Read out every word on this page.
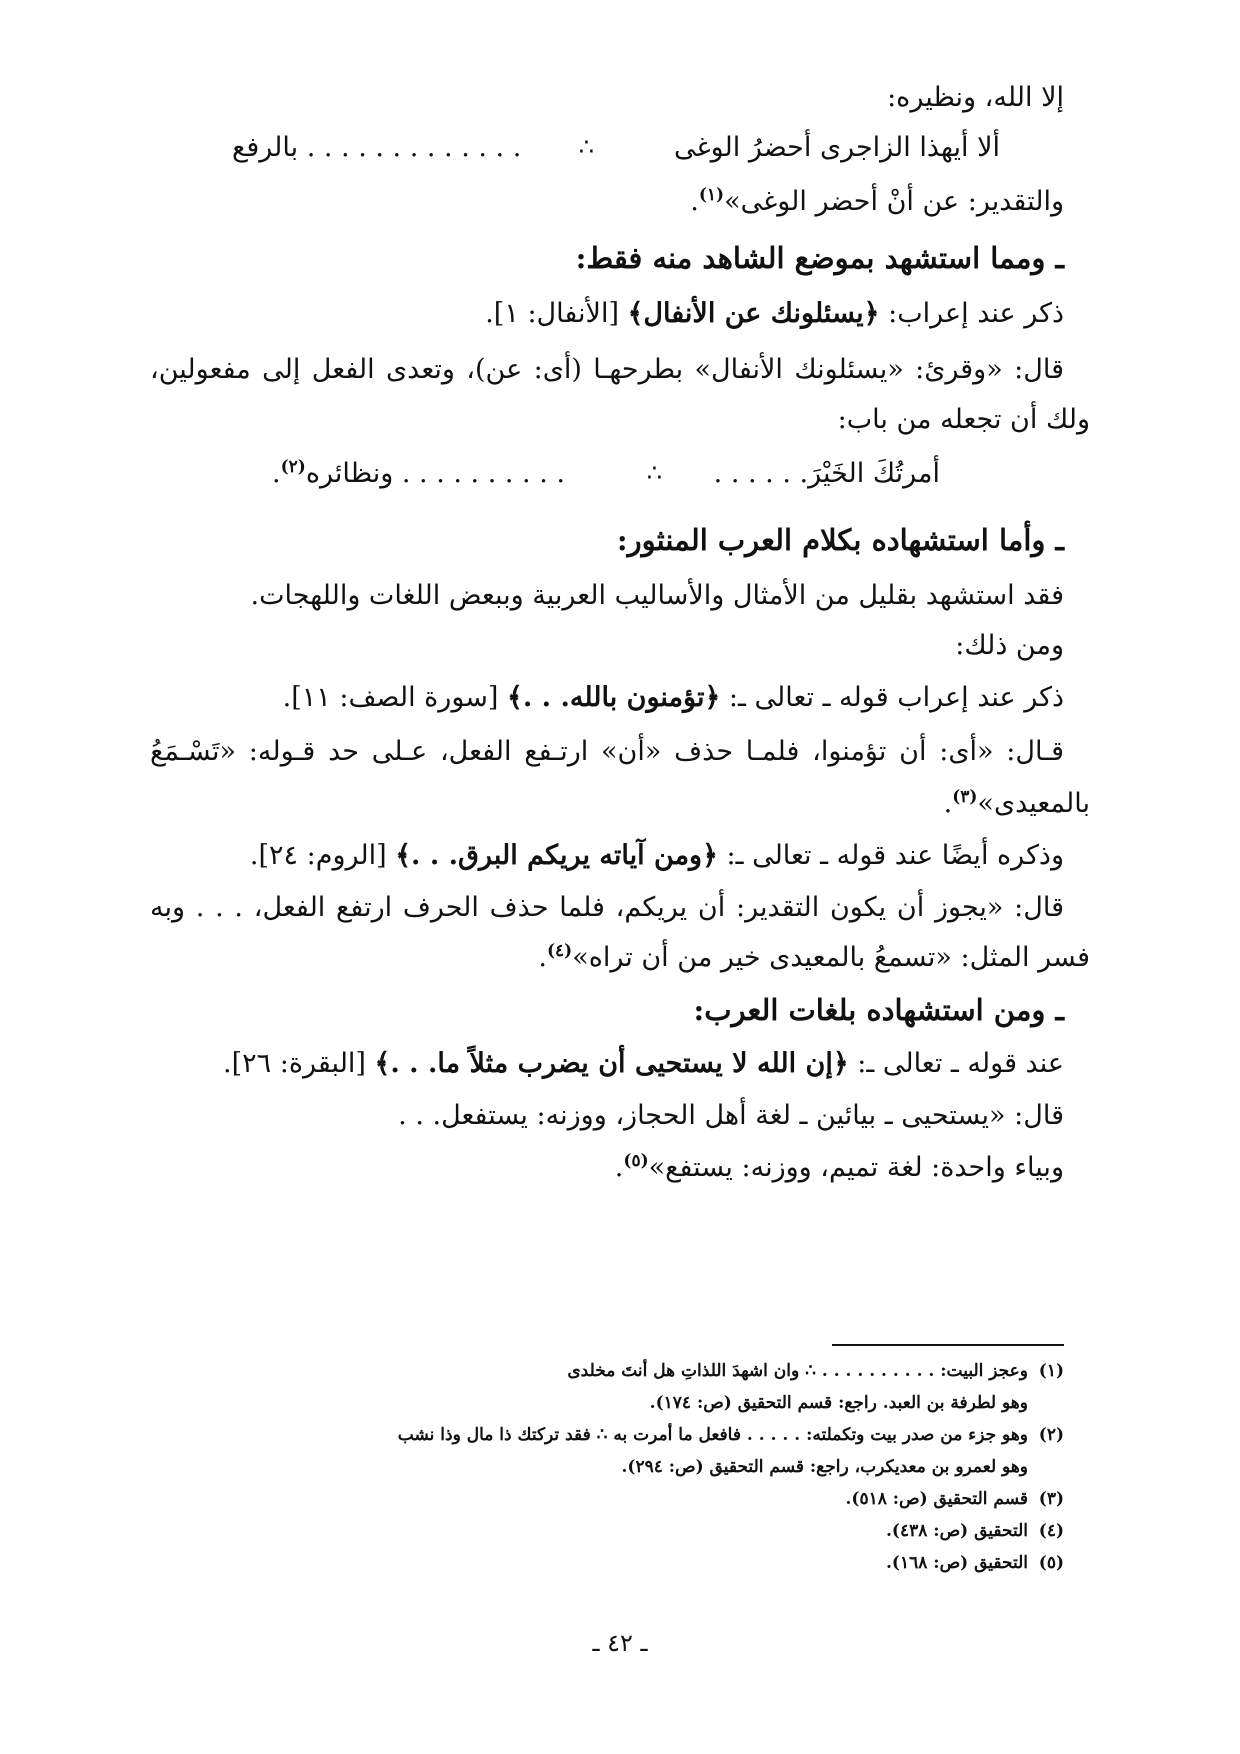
إلا الله، ونظيره:
ألا أيهذا الزاجرى أحضرُ الوغى
∴
. . . . . . . . . . . . . بالرفع
والتقدير: عن أنْ أحضر الوغى»$^{(١)}$.
ـ ومما استشهد بموضع الشاهد منه فقط:
ذكر عند إعراب: ﴿يسئلونك عن الأنفال﴾ [الأنفال: ١].
قال: «وقرئ: «يسئلونك الأنفال» بطرحهـا (أى: عن)، وتعدى الفعل إلى مفعولين،
ولك أن تجعله من باب:
أمرتُكَ الخَيْرَ. . . . . .
∴
. . . . . . . . . . ونظائره$^{(٢)}$.
ـ وأما استشهاده بكلام العرب المنثور:
فقد استشهد بقليل من الأمثال والأساليب العربية وببعض اللغات واللهجات.
ومن ذلك:
ذكر عند إعراب قوله ـ تعالى ـ: ﴿تؤمنون بالله. . .﴾ [سورة الصف: ١١].
قـال: «أى: أن تؤمنوا، فلمـا حذف «أن» ارتـفع الفعل، عـلى حد قـوله: «تَسْـمَعُ
بالمعيدى»$^{(٣)}$.
وذكره أيضًا عند قوله ـ تعالى ـ: ﴿ومن آياته يريكم البرق. . .﴾ [الروم: ٢٤].
قال: «يجوز أن يكون التقدير: أن يريكم، فلما حذف الحرف ارتفع الفعل، . . . وبه
فسر المثل: «تسمعُ بالمعيدى خير من أن تراه»$^{(٤)}$.
ـ ومن استشهاده بلغات العرب:
عند قوله ـ تعالى ـ: ﴿إن الله لا يستحيى أن يضرب مثلاً ما. . .﴾ [البقرة: ٢٦].
قال: «يستحيى ـ بيائين ـ لغة أهل الحجاز، ووزنه: يستفعل. . .
وبياء واحدة: لغة تميم، ووزنه: يستفع»$^{(٥)}$.
(١)وعجز البيت: . . . . . . . . . . ∴ وان اشهدَ اللذاتِ هل أنتَ مخلدى
وهو لطرفة بن العبد. راجع: قسم التحقيق (ص: ١٧٤).
(٢)وهو جزء من صدر بيت وتكملته: . . . . . فافعل ما أمرت به ∴ فقد تركتك ذا مال وذا نشب
وهو لعمرو بن معديكرب، راجع: قسم التحقيق (ص: ٢٩٤).
(٣)قسم التحقيق (ص: ٥١٨).
(٤)التحقيق (ص: ٤٣٨).
(٥)التحقيق (ص: ١٦٨).
ـ ٤٢ ـ
